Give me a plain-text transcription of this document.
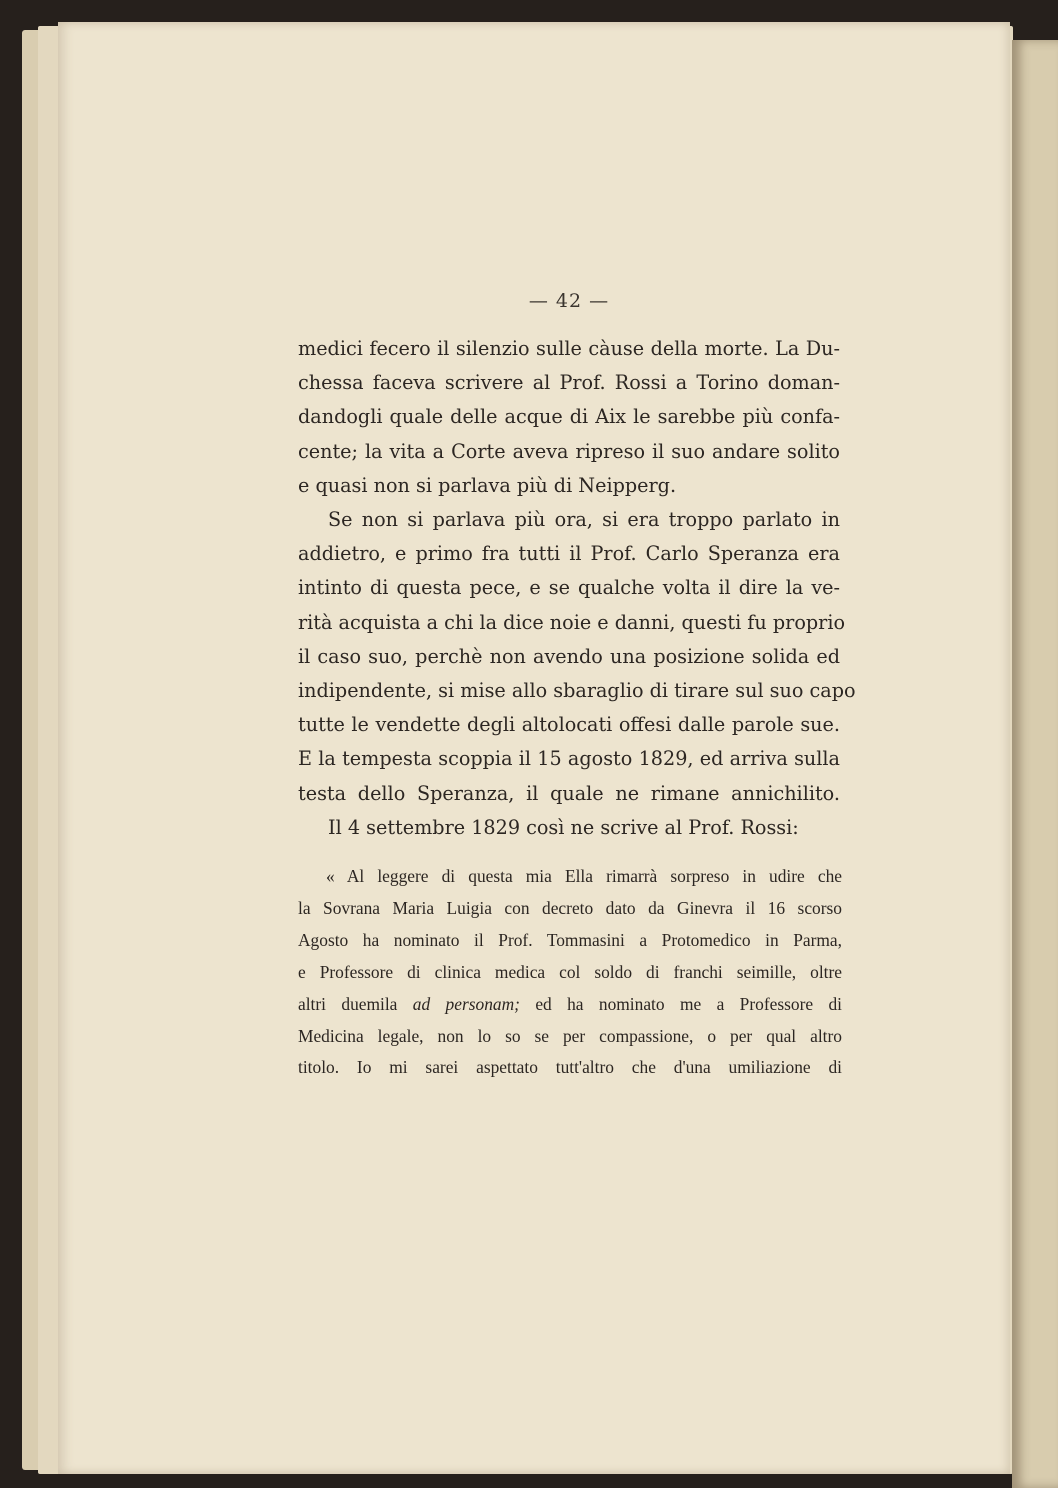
— 42 —
medici fecero il silenzio sulle càuse della morte. La Du-
chessa faceva scrivere al Prof. Rossi a Torino doman-
dandogli quale delle acque di Aix le sarebbe più confa-
cente; la vita a Corte aveva ripreso il suo andare solito
e quasi non si parlava più di Neipperg.
Se non si parlava più ora, si era troppo parlato in
addietro, e primo fra tutti il Prof. Carlo Speranza era
intinto di questa pece, e se qualche volta il dire la ve-
rità acquista a chi la dice noie e danni, questi fu proprio
il caso suo, perchè non avendo una posizione solida ed
indipendente, si mise allo sbaraglio di tirare sul suo capo
tutte le vendette degli altolocati offesi dalle parole sue.
E la tempesta scoppia il 15 agosto 1829, ed arriva sulla
testa dello Speranza, il quale ne rimane annichilito.
Il 4 settembre 1829 così ne scrive al Prof. Rossi:
« Al leggere di questa mia Ella rimarrà sorpreso in udire che
la Sovrana Maria Luigia con decreto dato da Ginevra il 16 scorso
Agosto ha nominato il Prof. Tommasini a Protomedico in Parma,
e Professore di clinica medica col soldo di franchi seimille, oltre
altri duemila ad personam; ed ha nominato me a Professore di
Medicina legale, non lo so se per compassione, o per qual altro
titolo. Io mi sarei aspettato tutt'altro che d'una umiliazione di
